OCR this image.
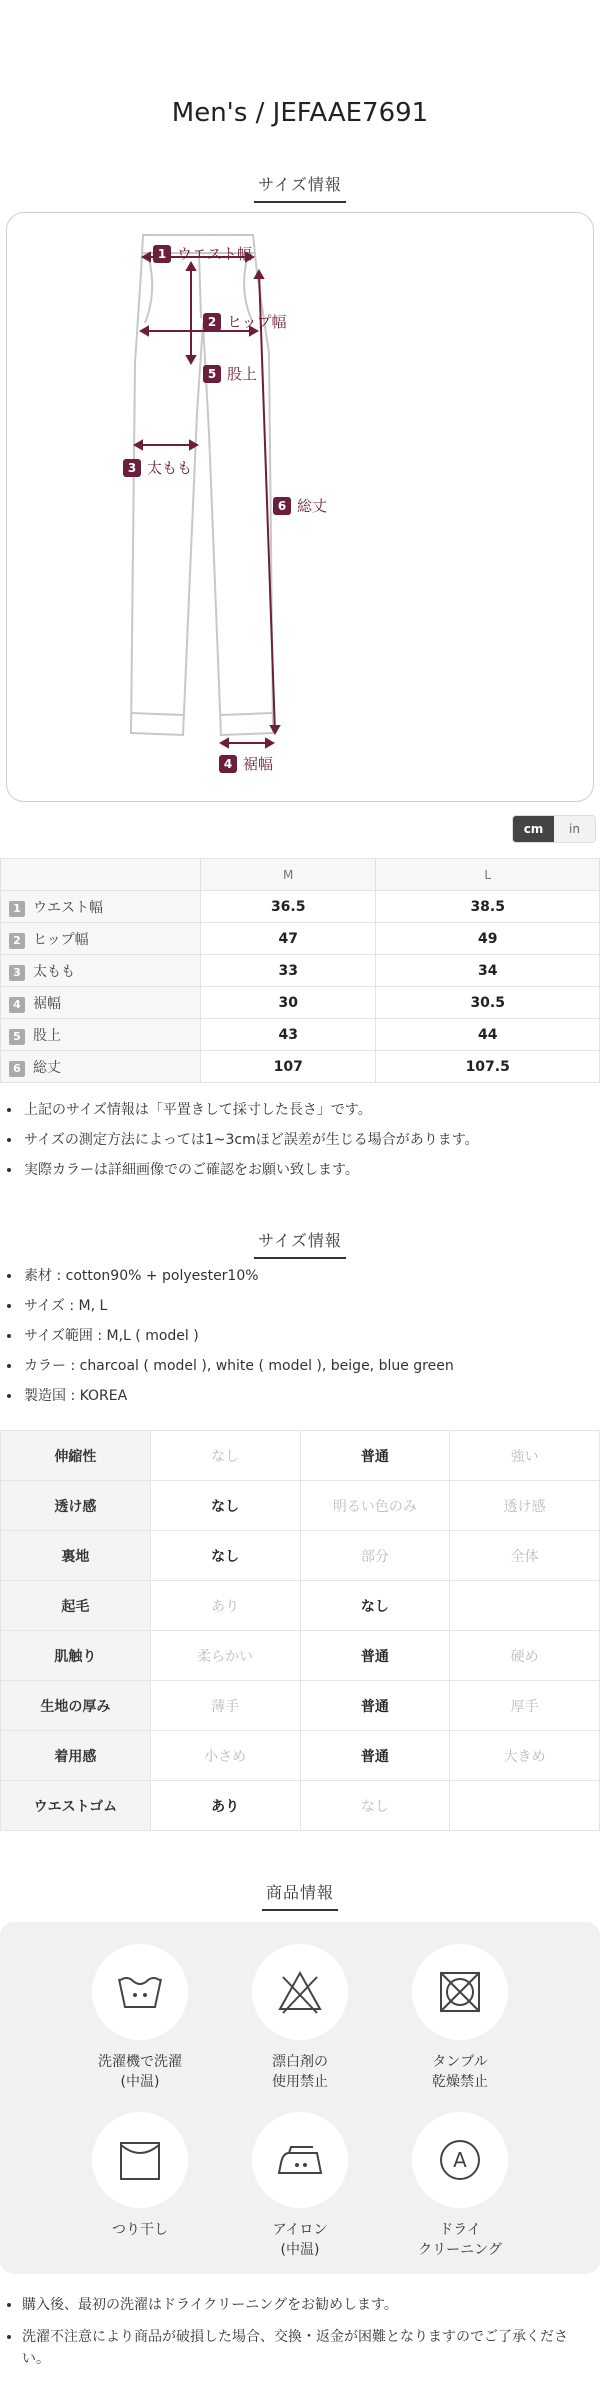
Men's / JEFAAE7691
サイズ情報
1 ウエスト幅
2 ヒップ幅
5 股上
3 太もも
6 総丈
4 裾幅
cm	in
	M	L
1 ウエスト幅	36.5	38.5
2 ヒップ幅	47	49
3 太もも	33	34
4 裾幅	30	30.5
5 股上	43	44
6 総丈	107	107.5
• 上記のサイズ情報は「平置きして採寸した長さ」です。
• サイズの測定方法によっては1~3cmほど誤差が生じる場合があります。
• 実際カラーは詳細画像でのご確認をお願い致します。
サイズ情報
• 素材 : cotton90% + polyester10%
• サイズ : M, L
• サイズ範囲 : M,L ( model )
• カラー : charcoal ( model ), white ( model ), beige, blue green
• 製造国 : KOREA
伸縮性	なし	普通	強い
透け感	なし	明るい色のみ	透け感
裏地	なし	部分	全体
起毛	あり	なし	
肌触り	柔らかい	普通	硬め
生地の厚み	薄手	普通	厚手
着用感	小さめ	普通	大きめ
ウエストゴム	あり	なし	
商品情報
洗濯機で洗濯
(中温)
漂白剤の
使用禁止
タンブル
乾燥禁止
つり干し	アイロン
(中温)
A
ドライ
クリーニング
• 購入後、最初の洗濯はドライクリーニングをお勧めします。
• 洗濯不注意により商品が破損した場合、交換・返金が困難となりますのでご了承ください。
